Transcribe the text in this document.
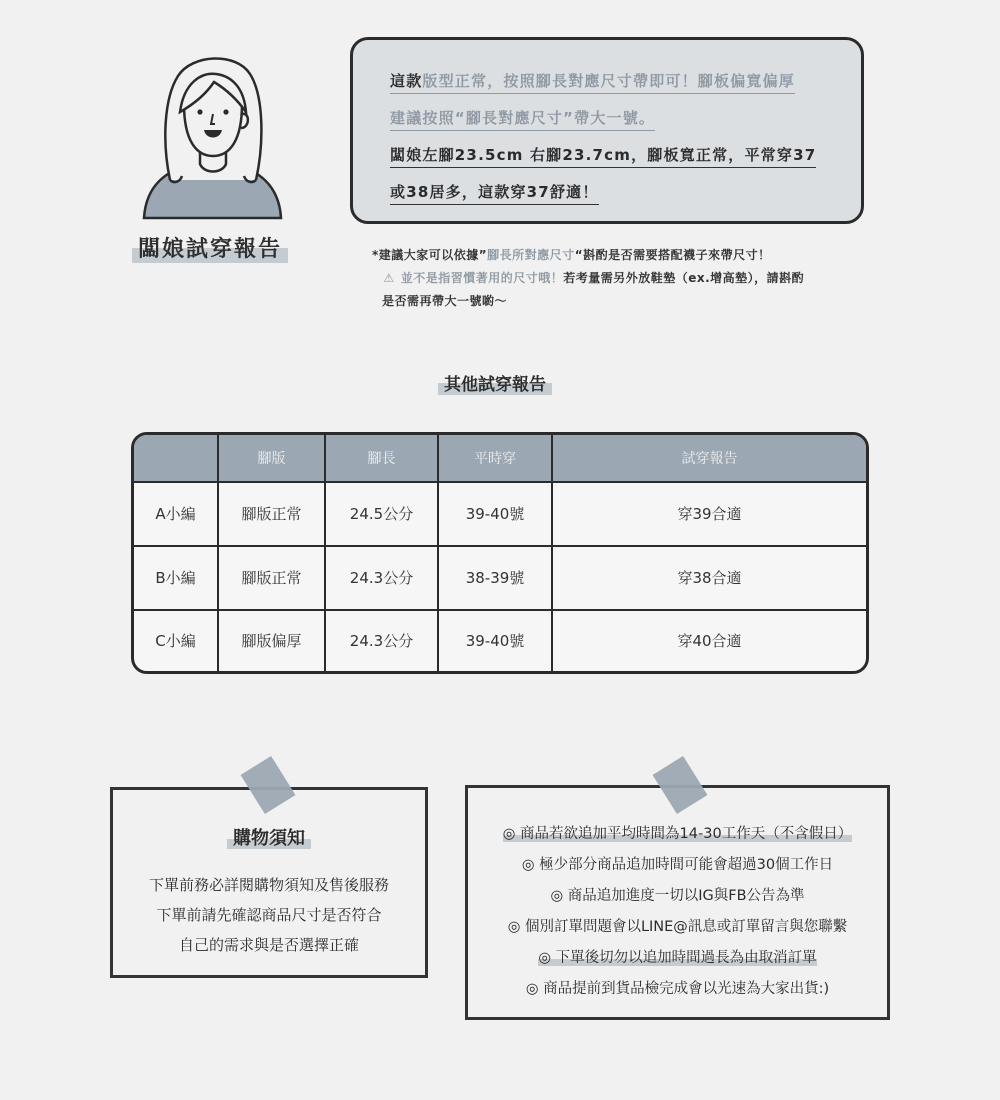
闆娘試穿報告
這款版型正常，按照腳長對應尺寸帶即可！腳板偏寬偏厚
建議按照“腳長對應尺寸”帶大一號。
闆娘左腳23.5cm 右腳23.7cm，腳板寬正常，平常穿37
或38居多，這款穿37舒適！
*建議大家可以依據”腳長所對應尺寸“斟酌是否需要搭配襪子來帶尺寸！
⚠ 並不是指習慣著用的尺寸哦！若考量需另外放鞋墊（ex.增高墊），請斟酌
是否需再帶大一號喲～
其他試穿報告
	腳版	腳長	平時穿	試穿報告
A小編	腳版正常	24.5公分	39-40號	穿39合適
B小編	腳版正常	24.3公分	38-39號	穿38合適
C小編	腳版偏厚	24.3公分	39-40號	穿40合適
購物須知
下單前務必詳閱購物須知及售後服務
下單前請先確認商品尺寸是否符合
自己的需求與是否選擇正確
◎ 商品若欲追加平均時間為14-30工作天（不含假日）
◎ 極少部分商品追加時間可能會超過30個工作日
◎ 商品追加進度一切以IG與FB公告為準
◎ 個別訂單問題會以LINE@訊息或訂單留言與您聯繫
◎ 下單後切勿以追加時間過長為由取消訂單
◎ 商品提前到貨品檢完成會以光速為大家出貨:)
